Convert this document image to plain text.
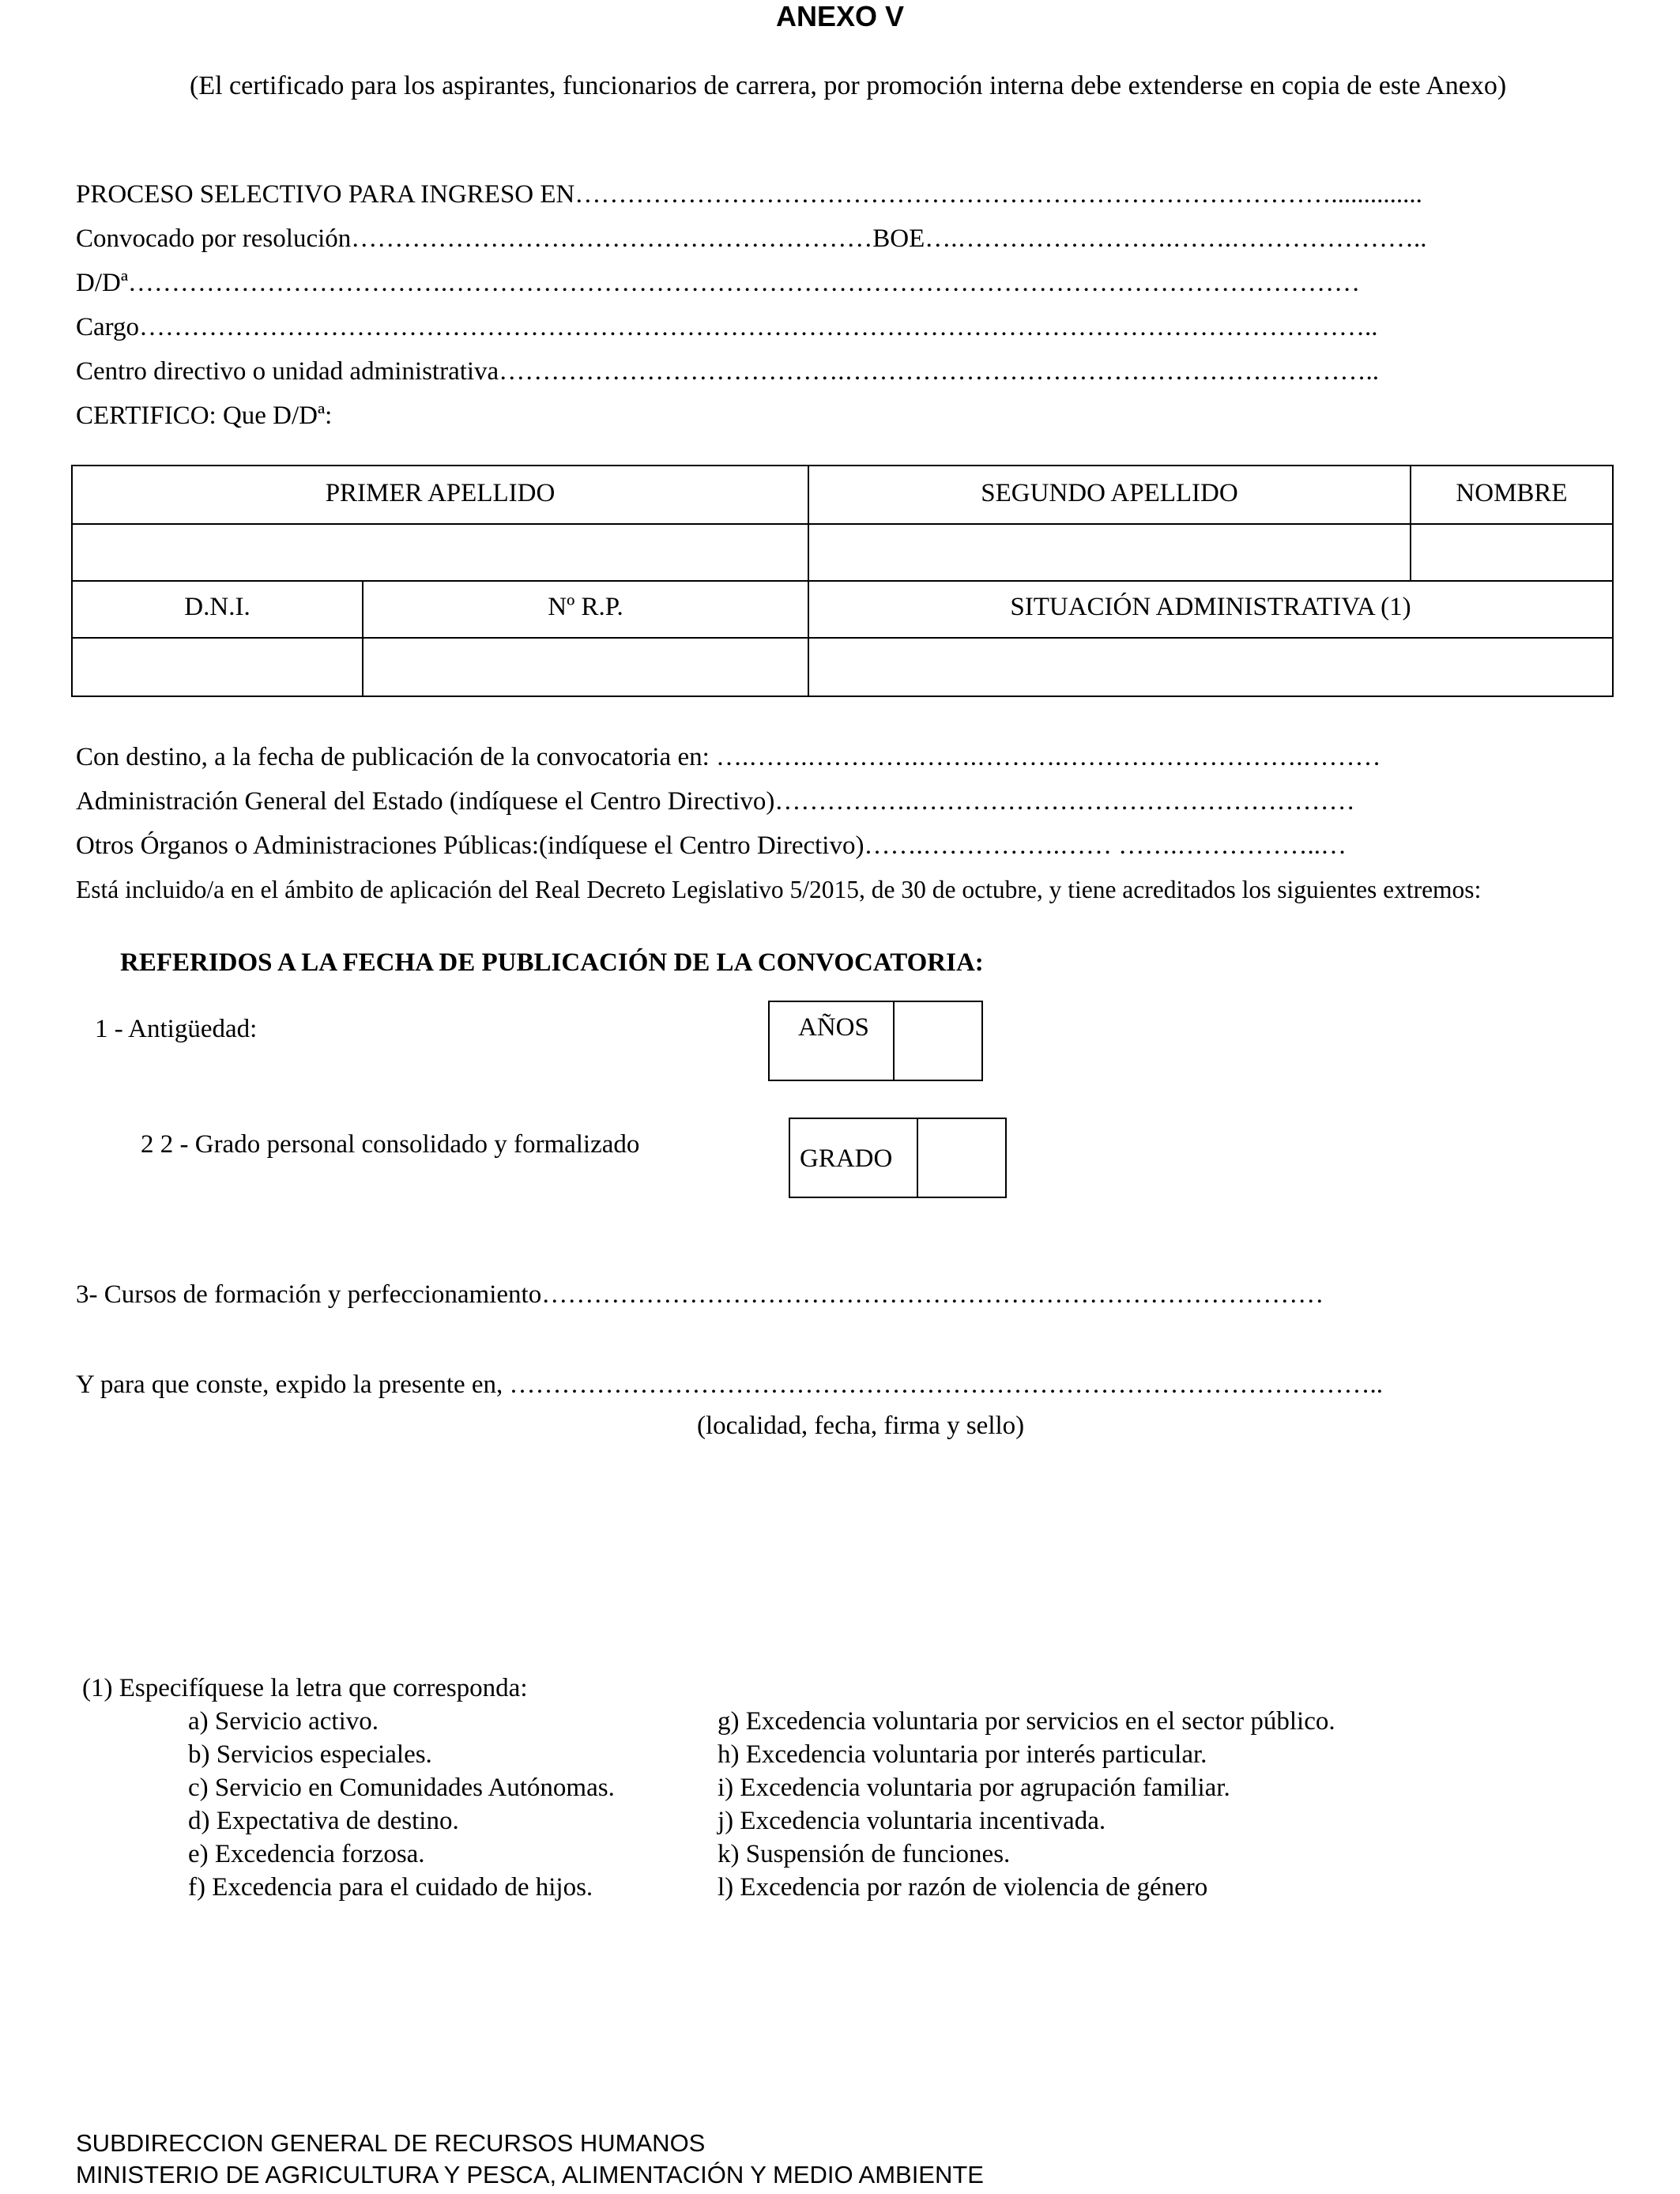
ANEXO V
(El certificado para los aspirantes, funcionarios de carrera, por promoción interna debe extenderse en copia de este Anexo)
PROCESO SELECTIVO PARA INGRESO EN……………………………………………………………………………..............
Convocado por resolución……………………………………………………BOE….…………………….…….…………………..
D/Dª……………………………….……………………………………………………………………………………………
Cargo……………………………………………………………………………………………………………………………..
Centro directivo o unidad administrativa………………………………….……………………………………………………..
CERTIFICO: Que D/Dª:
PRIMER APELLIDO	SEGUNDO APELLIDO	NOMBRE
D.N.I.	Nº R.P.	SITUACIÓN ADMINISTRATIVA (1)
Con destino, a la fecha de publicación de la convocatoria en: ….…….………….…….……….……………………….………
Administración General del Estado (indíquese el Centro Directivo)…………….……………………………………………
Otros Órganos o Administraciones Públicas:(indíquese el Centro Directivo)…….…………….…… …….……………..…
Está incluido/a en el ámbito de aplicación del Real Decreto Legislativo 5/2015, de 30 de octubre, y tiene acreditados los siguientes extremos:
REFERIDOS A LA FECHA DE PUBLICACIÓN DE LA CONVOCATORIA:
1 - Antigüedad:	AÑOS
2 2 - Grado personal consolidado y formalizado	GRADO
3- Cursos de formación y perfeccionamiento………………………………………………………………………………
Y para que conste, expido la presente en, ………………………………………………………………………………………..
(localidad, fecha, firma y sello)
(1) Especifíquese la letra que corresponda:
a) Servicio activo.
b) Servicios especiales.
c) Servicio en Comunidades Autónomas.
d) Expectativa de destino.
e) Excedencia forzosa.
f) Excedencia para el cuidado de hijos.
g) Excedencia voluntaria por servicios en el sector público.
h) Excedencia voluntaria por interés particular.
i) Excedencia voluntaria por agrupación familiar.
j) Excedencia voluntaria incentivada.
k) Suspensión de funciones.
l) Excedencia por razón de violencia de género
SUBDIRECCION GENERAL DE RECURSOS HUMANOS
MINISTERIO DE AGRICULTURA Y PESCA, ALIMENTACIÓN Y MEDIO AMBIENTE
